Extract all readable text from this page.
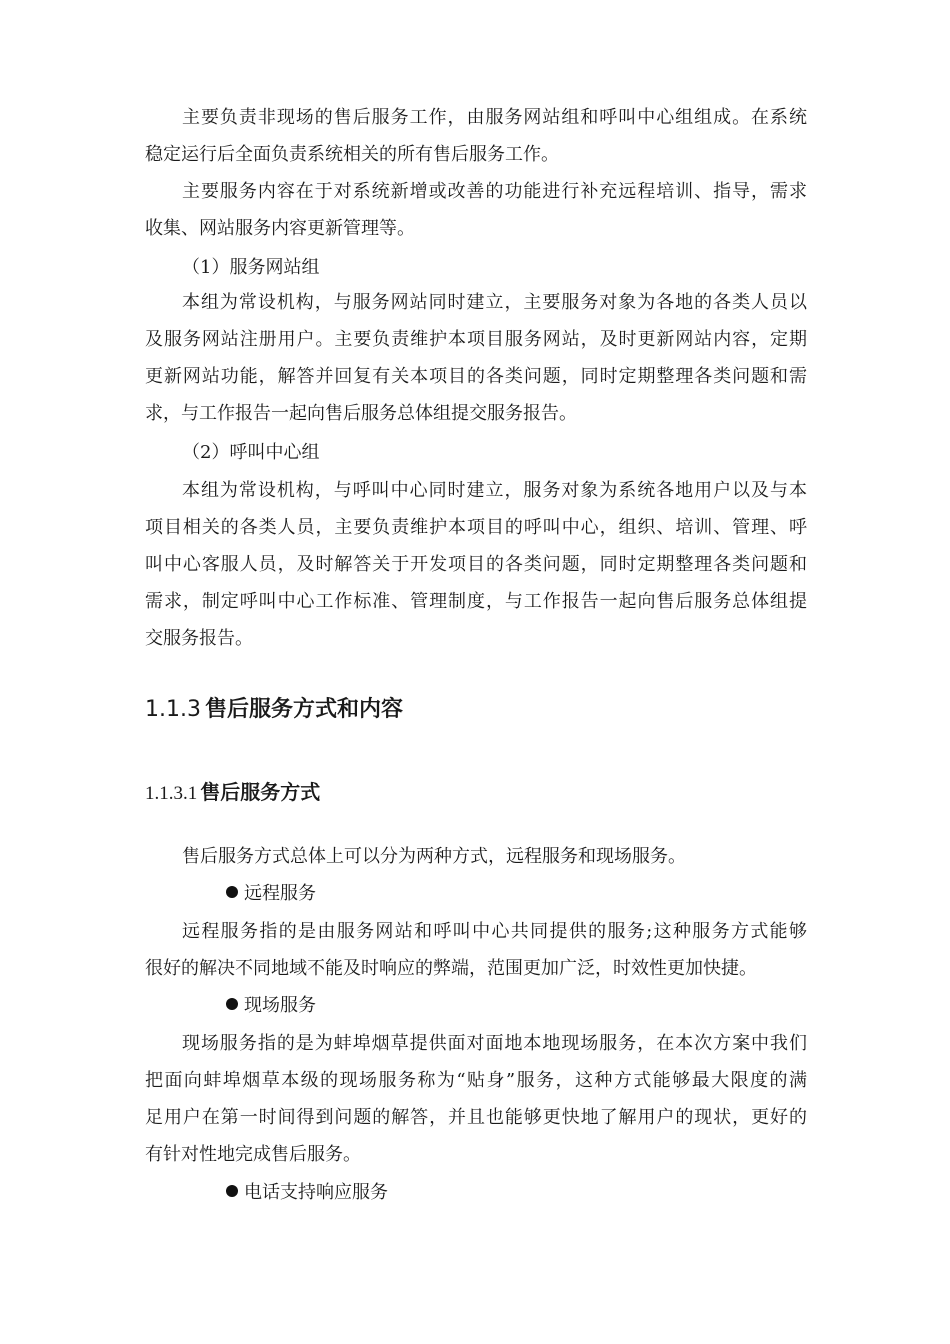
主要负责非现场的售后服务工作，由服务网站组和呼叫中心组组成。在系统
稳定运行后全面负责系统相关的所有售后服务工作。
主要服务内容在于对系统新增或改善的功能进行补充远程培训、指导，需求
收集、网站服务内容更新管理等。
（1）服务网站组
本组为常设机构，与服务网站同时建立，主要服务对象为各地的各类人员以
及服务网站注册用户。主要负责维护本项目服务网站，及时更新网站内容，定期
更新网站功能，解答并回复有关本项目的各类问题，同时定期整理各类问题和需
求，与工作报告一起向售后服务总体组提交服务报告。
（2）呼叫中心组
本组为常设机构，与呼叫中心同时建立，服务对象为系统各地用户以及与本
项目相关的各类人员，主要负责维护本项目的呼叫中心，组织、培训、管理、呼
叫中心客服人员，及时解答关于开发项目的各类问题，同时定期整理各类问题和
需求，制定呼叫中心工作标准、管理制度，与工作报告一起向售后服务总体组提
交服务报告。
1.1.3 售后服务方式和内容
1.1.3.1 售后服务方式
售后服务方式总体上可以分为两种方式，远程服务和现场服务。
远程服务
远程服务指的是由服务网站和呼叫中心共同提供的服务;这种服务方式能够
很好的解决不同地域不能及时响应的弊端，范围更加广泛，时效性更加快捷。
现场服务
现场服务指的是为蚌埠烟草提供面对面地本地现场服务，在本次方案中我们
把面向蚌埠烟草本级的现场服务称为“贴身”服务，这种方式能够最大限度的满
足用户在第一时间得到问题的解答，并且也能够更快地了解用户的现状，更好的
有针对性地完成售后服务。
电话支持响应服务
